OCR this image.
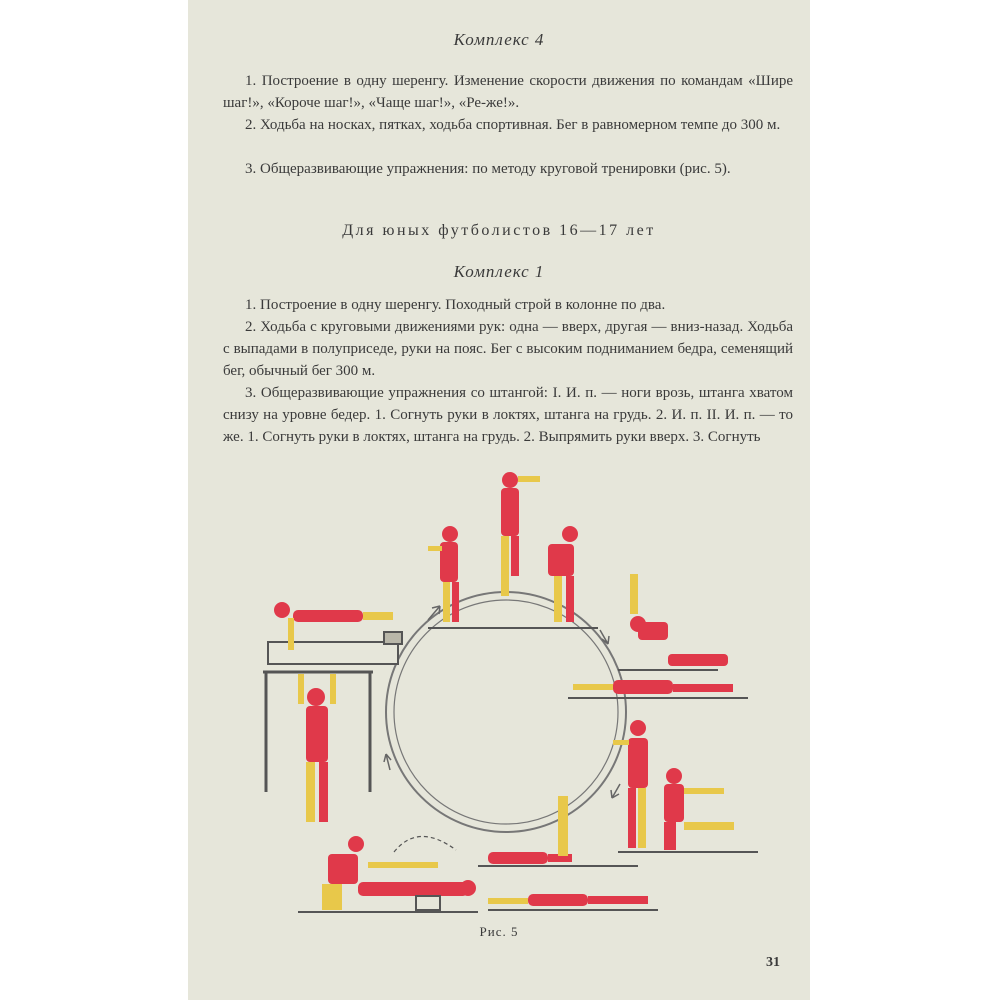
Комплекс 4

1. Построение в одну шеренгу. Изменение скорости движения по командам «Шире шаг!», «Короче шаг!», «Чаще шаг!», «Ре-же!».

2. Ходьба на носках, пятках, ходьба спортивная. Бег в равномерном темпе до 300 м.

3. Общеразвивающие упражнения: по методу круговой тренировки (рис. 5).

Для юных футболистов 16—17 лет
Комплекс 1

1. Построение в одну шеренгу. Походный строй в колонне по два.

2. Ходьба с круговыми движениями рук: одна — вверх, другая — вниз-назад. Ходьба с выпадами в полуприседе, руки на пояс. Бег с высоким подниманием бедра, семенящий бег, обычный бег 300 м.

3. Общеразвивающие упражнения со штангой: I. И. п. — ноги врозь, штанга хватом снизу на уровне бедер. 1. Согнуть руки в локтях, штанга на грудь. 2. И. п. II. И. п. — то же. 1. Согнуть руки в локтях, штанга на грудь. 2. Выпрямить руки вверх. 3. Согнуть

Рис. 5
31
